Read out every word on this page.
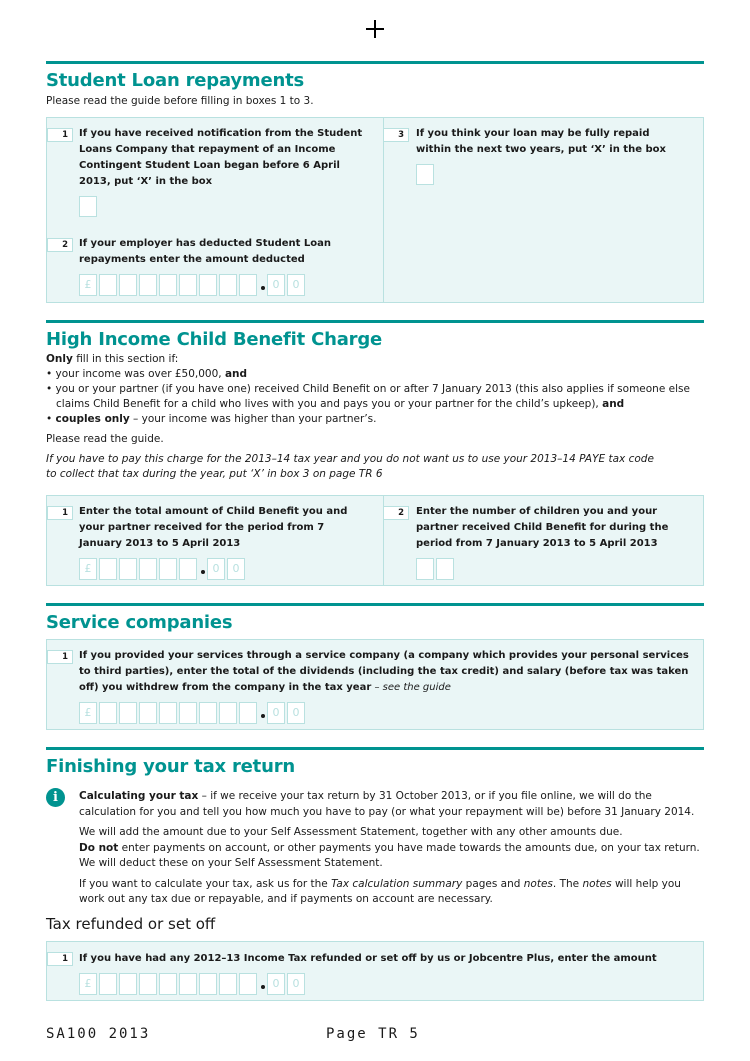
Student Loan repayments
Please read the guide before filling in boxes 1 to 3.
1	If you have received notification from the Student Loans Company that repayment of an Income Contingent Student Loan began before 6 April 2013, put ‘X’ in the box
2	If your employer has deducted Student Loan repayments enter the amount deducted
£	0	0
3	If you think your loan may be fully repaid within the next two years, put ‘X’ in the box
High Income Child Benefit Charge
Only fill in this section if:
• your income was over £50,000, and
• you or your partner (if you have one) received Child Benefit on or after 7 January 2013 (this also applies if someone else claims Child Benefit for a child who lives with you and pays you or your partner for the child’s upkeep), and
• couples only – your income was higher than your partner’s.
Please read the guide.
If you have to pay this charge for the 2013–14 tax year and you do not want us to use your 2013–14 PAYE tax code to collect that tax during the year, put ‘X’ in box 3 on page TR 6
1	Enter the total amount of Child Benefit you and your partner received for the period from 7 January 2013 to 5 April 2013
£	0	0
2	Enter the number of children you and your partner received Child Benefit for during the period from 7 January 2013 to 5 April 2013
Service companies
1	If you provided your services through a service company (a company which provides your personal services to third parties), enter the total of the dividends (including the tax credit) and salary (before tax was taken off) you withdrew from the company in the tax year – see the guide
£	0	0
Finishing your tax return
i	Calculating your tax – if we receive your tax return by 31 October 2013, or if you file online, we will do the calculation for you and tell you how much you have to pay (or what your repayment will be) before 31 January 2014.
We will add the amount due to your Self Assessment Statement, together with any other amounts due.
Do not enter payments on account, or other payments you have made towards the amounts due, on your tax return.
We will deduct these on your Self Assessment Statement.
If you want to calculate your tax, ask us for the Tax calculation summary pages and notes. The notes will help you work out any tax due or repayable, and if payments on account are necessary.
Tax refunded or set off
1	If you have had any 2012–13 Income Tax refunded or set off by us or Jobcentre Plus, enter the amount
£	0	0
SA100 2013	Page TR 5
